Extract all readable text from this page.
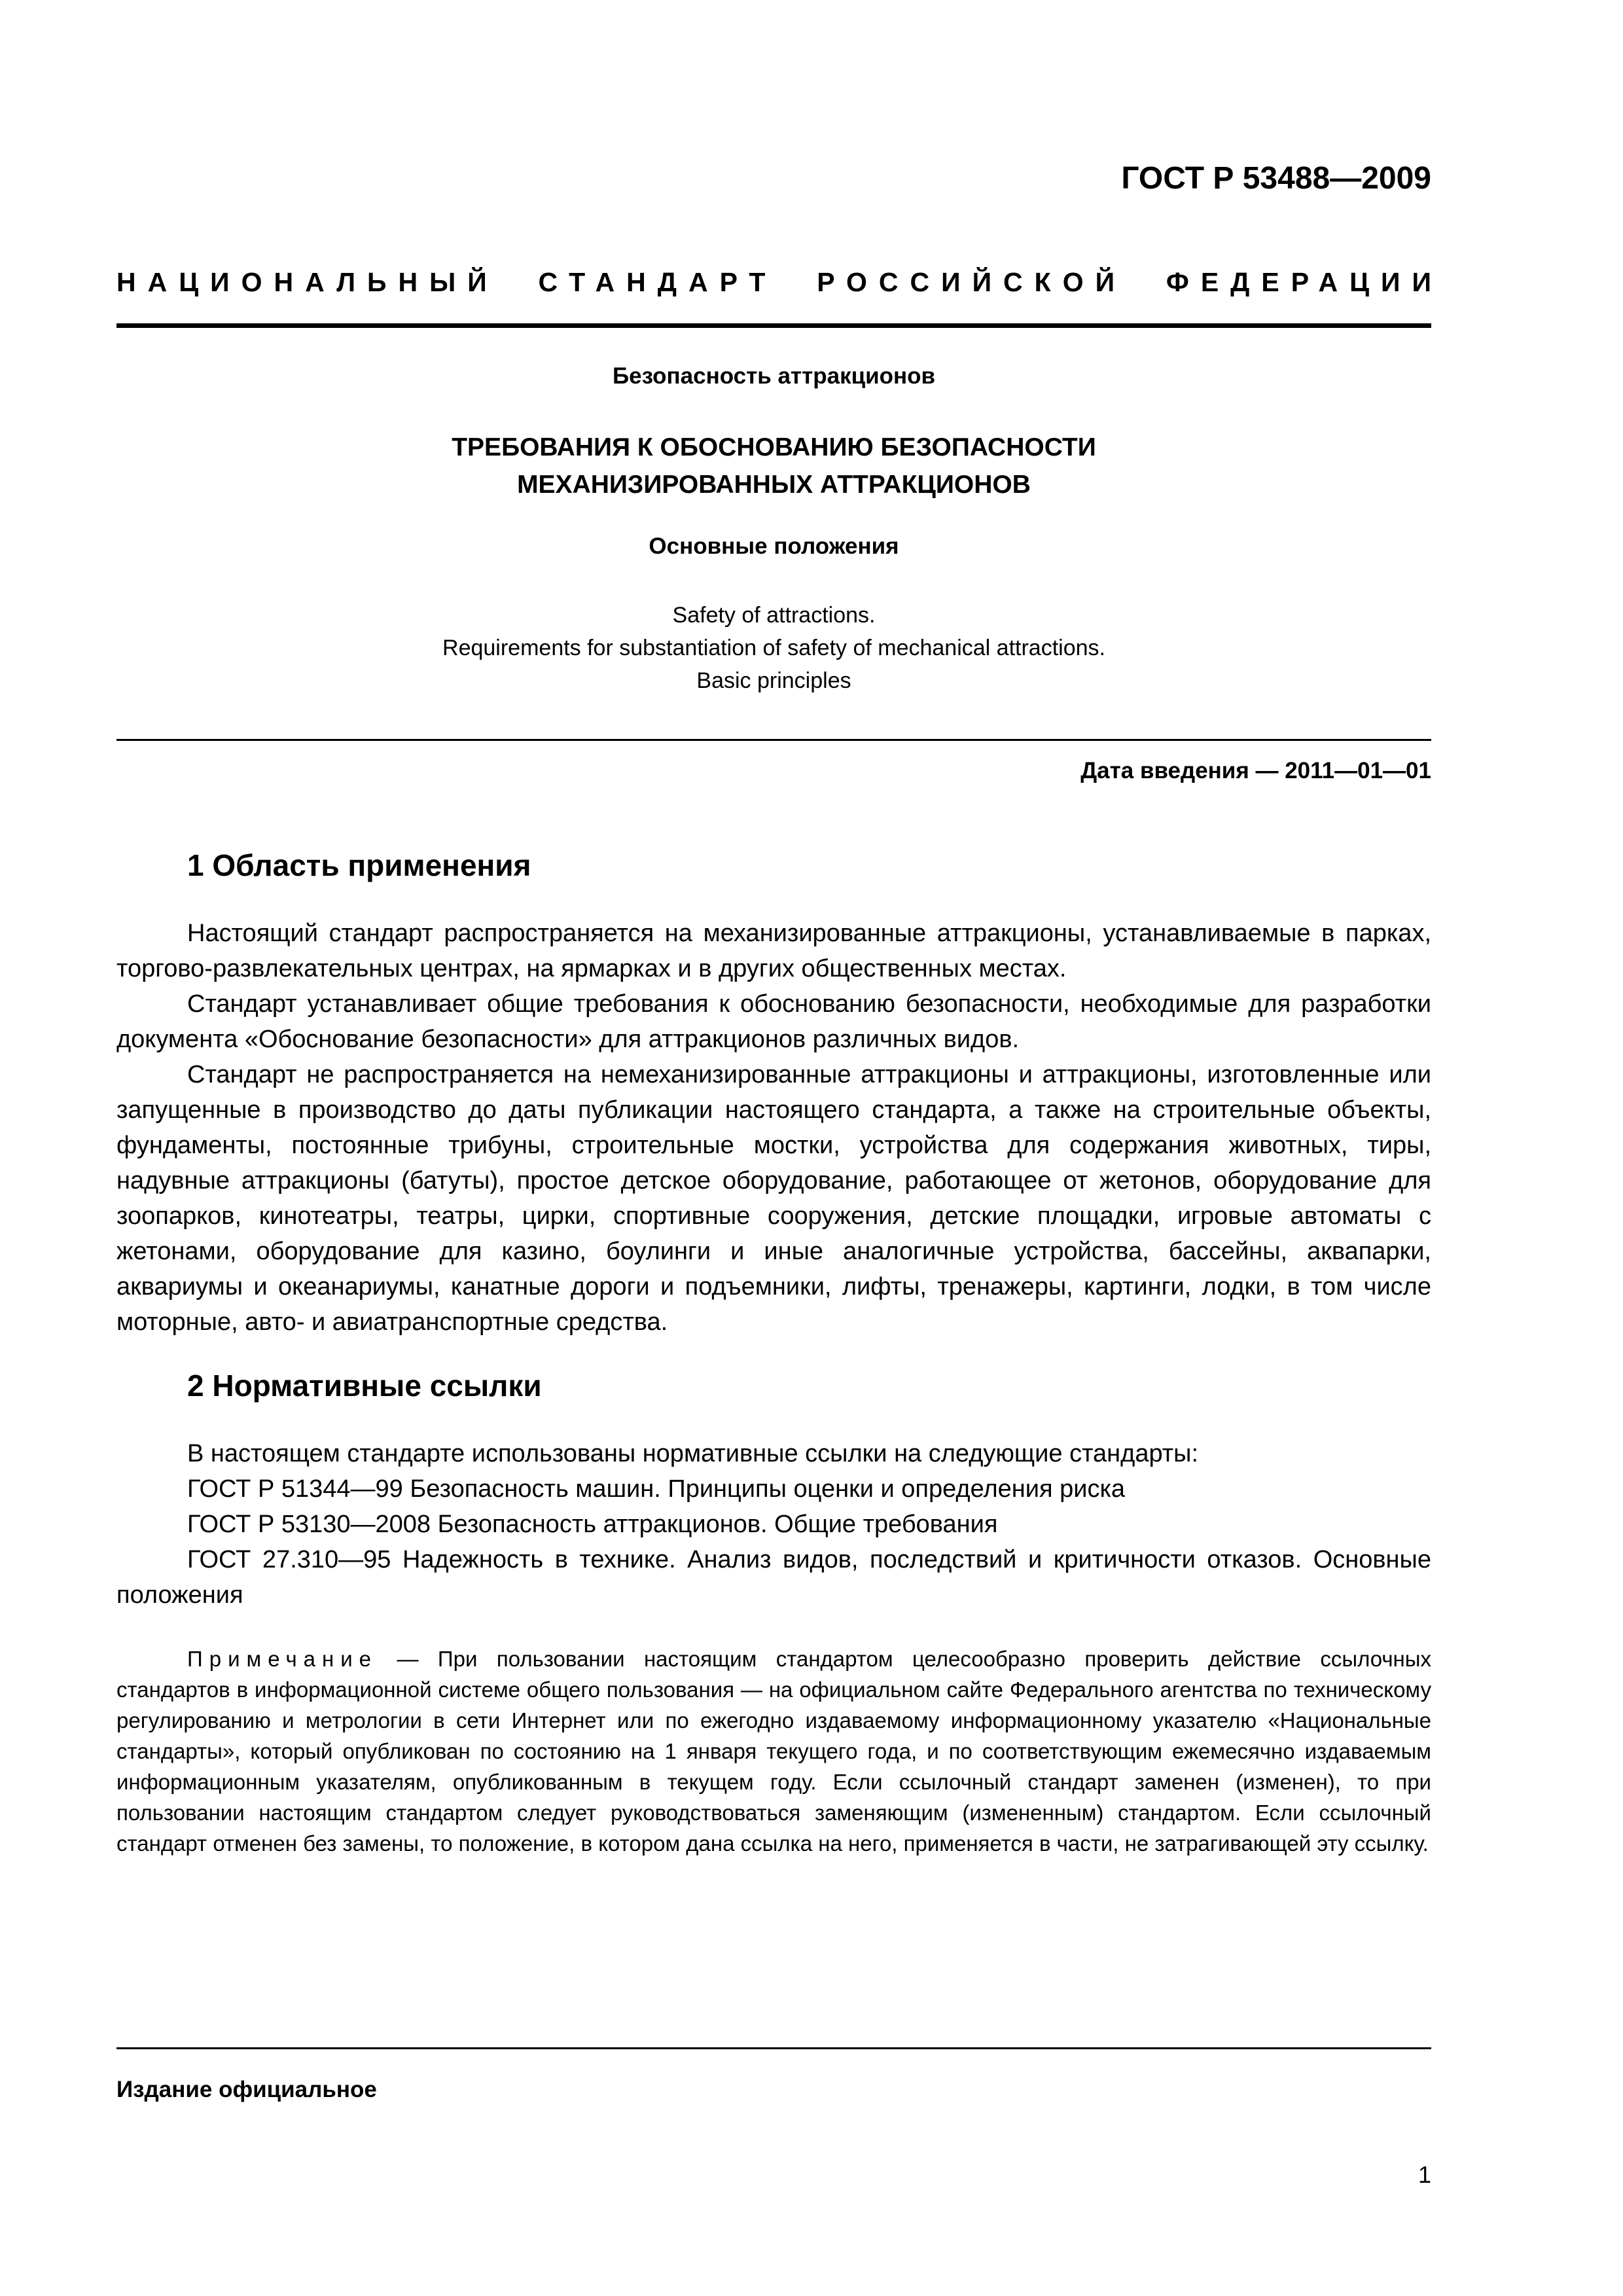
ГОСТ Р 53488—2009
НАЦИОНАЛЬНЫЙ СТАНДАРТ РОССИЙСКОЙ ФЕДЕРАЦИИ
Безопасность аттракционов
ТРЕБОВАНИЯ К ОБОСНОВАНИЮ БЕЗОПАСНОСТИ
МЕХАНИЗИРОВАННЫХ АТТРАКЦИОНОВ
Основные положения
Safety of attractions.
Requirements for substantiation of safety of mechanical attractions.
Basic principles
Дата введения — 2011—01—01
1 Область применения

Настоящий стандарт распространяется на механизированные аттракционы, устанавливаемые в парках, торгово-развлекательных центрах, на ярмарках и в других общественных местах.

Стандарт устанавливает общие требования к обоснованию безопасности, необходимые для разработки документа «Обоснование безопасности» для аттракционов различных видов.

Стандарт не распространяется на немеханизированные аттракционы и аттракционы, изготовленные или запущенные в производство до даты публикации настоящего стандарта, а также на строительные объекты, фундаменты, постоянные трибуны, строительные мостки, устройства для содержания животных, тиры, надувные аттракционы (батуты), простое детское оборудование, работающее от жетонов, оборудование для зоопарков, кинотеатры, театры, цирки, спортивные сооружения, детские площадки, игровые автоматы с жетонами, оборудование для казино, боулинги и иные аналогичные устройства, бассейны, аквапарки, аквариумы и океанариумы, канатные дороги и подъемники, лифты, тренажеры, картинги, лодки, в том числе моторные, авто- и авиатранспортные средства.

2 Нормативные ссылки

В настоящем стандарте использованы нормативные ссылки на следующие стандарты:

ГОСТ Р 51344—99 Безопасность машин. Принципы оценки и определения риска

ГОСТ Р 53130—2008 Безопасность аттракционов. Общие требования

ГОСТ 27.310—95 Надежность в технике. Анализ видов, последствий и критичности отказов. Основные положения

Примечание — При пользовании настоящим стандартом целесообразно проверить действие ссылочных стандартов в информационной системе общего пользования — на официальном сайте Федерального агентства по техническому регулированию и метрологии в сети Интернет или по ежегодно издаваемому информационному указателю «Национальные стандарты», который опубликован по состоянию на 1 января текущего года, и по соответствующим ежемесячно издаваемым информационным указателям, опубликованным в текущем году. Если ссылочный стандарт заменен (изменен), то при пользовании настоящим стандартом следует руководствоваться заменяющим (измененным) стандартом. Если ссылочный стандарт отменен без замены, то положение, в котором дана ссылка на него, применяется в части, не затрагивающей эту ссылку.
Издание официальное
1
